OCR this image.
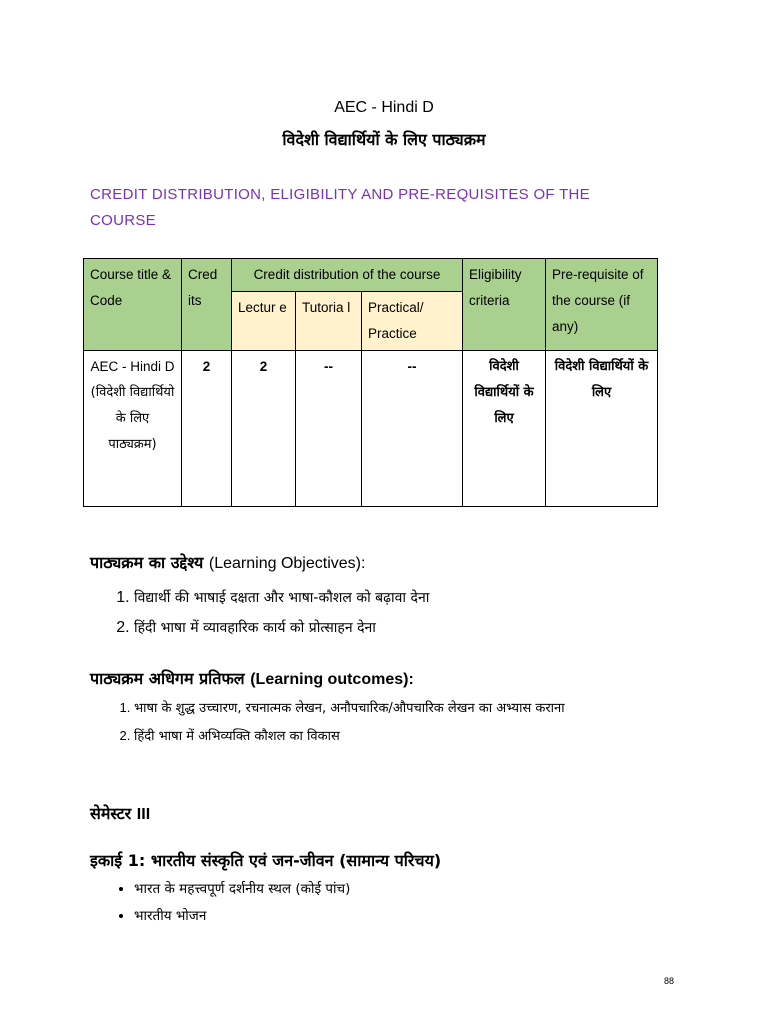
AEC - Hindi D
विदेशी विद्यार्थियों के लिए पाठ्यक्रम
CREDIT DISTRIBUTION, ELIGIBILITY AND PRE-REQUISITES OF THE COURSE
Course title & Code	Cred its	Credit distribution of the course			Eligibility criteria	Pre-requisite of the course (if any)
		Lectur e	Tutoria l	Practical/ Practice		

AEC - Hindi D
(विदेशी विद्यार्थियो के लिए पाठ्यक्रम)	2	2	--	--	विदेशी विद्यार्थियों के लिए	विदेशी विद्यार्थियों के लिए
पाठ्यक्रम का उद्देश्य (Learning Objectives):
1. विद्यार्थी की भाषाई दक्षता और भाषा-कौशल को बढ़ावा देना
2. हिंदी भाषा में व्यावहारिक कार्य को प्रोत्साहन देना
पाठ्यक्रम अधिगम प्रतिफल (Learning outcomes):
1. भाषा के शुद्ध उच्चारण, रचनात्मक लेखन, अनौपचारिक/औपचारिक लेखन का अभ्यास कराना
2. हिंदी भाषा में अभिव्यक्ति कौशल का विकास
सेमेस्टर III
इकाई 1: भारतीय संस्कृति एवं जन-जीवन (सामान्य परिचय)
• भारत के महत्त्वपूर्ण दर्शनीय स्थल (कोई पांच)
• भारतीय भोजन
88
